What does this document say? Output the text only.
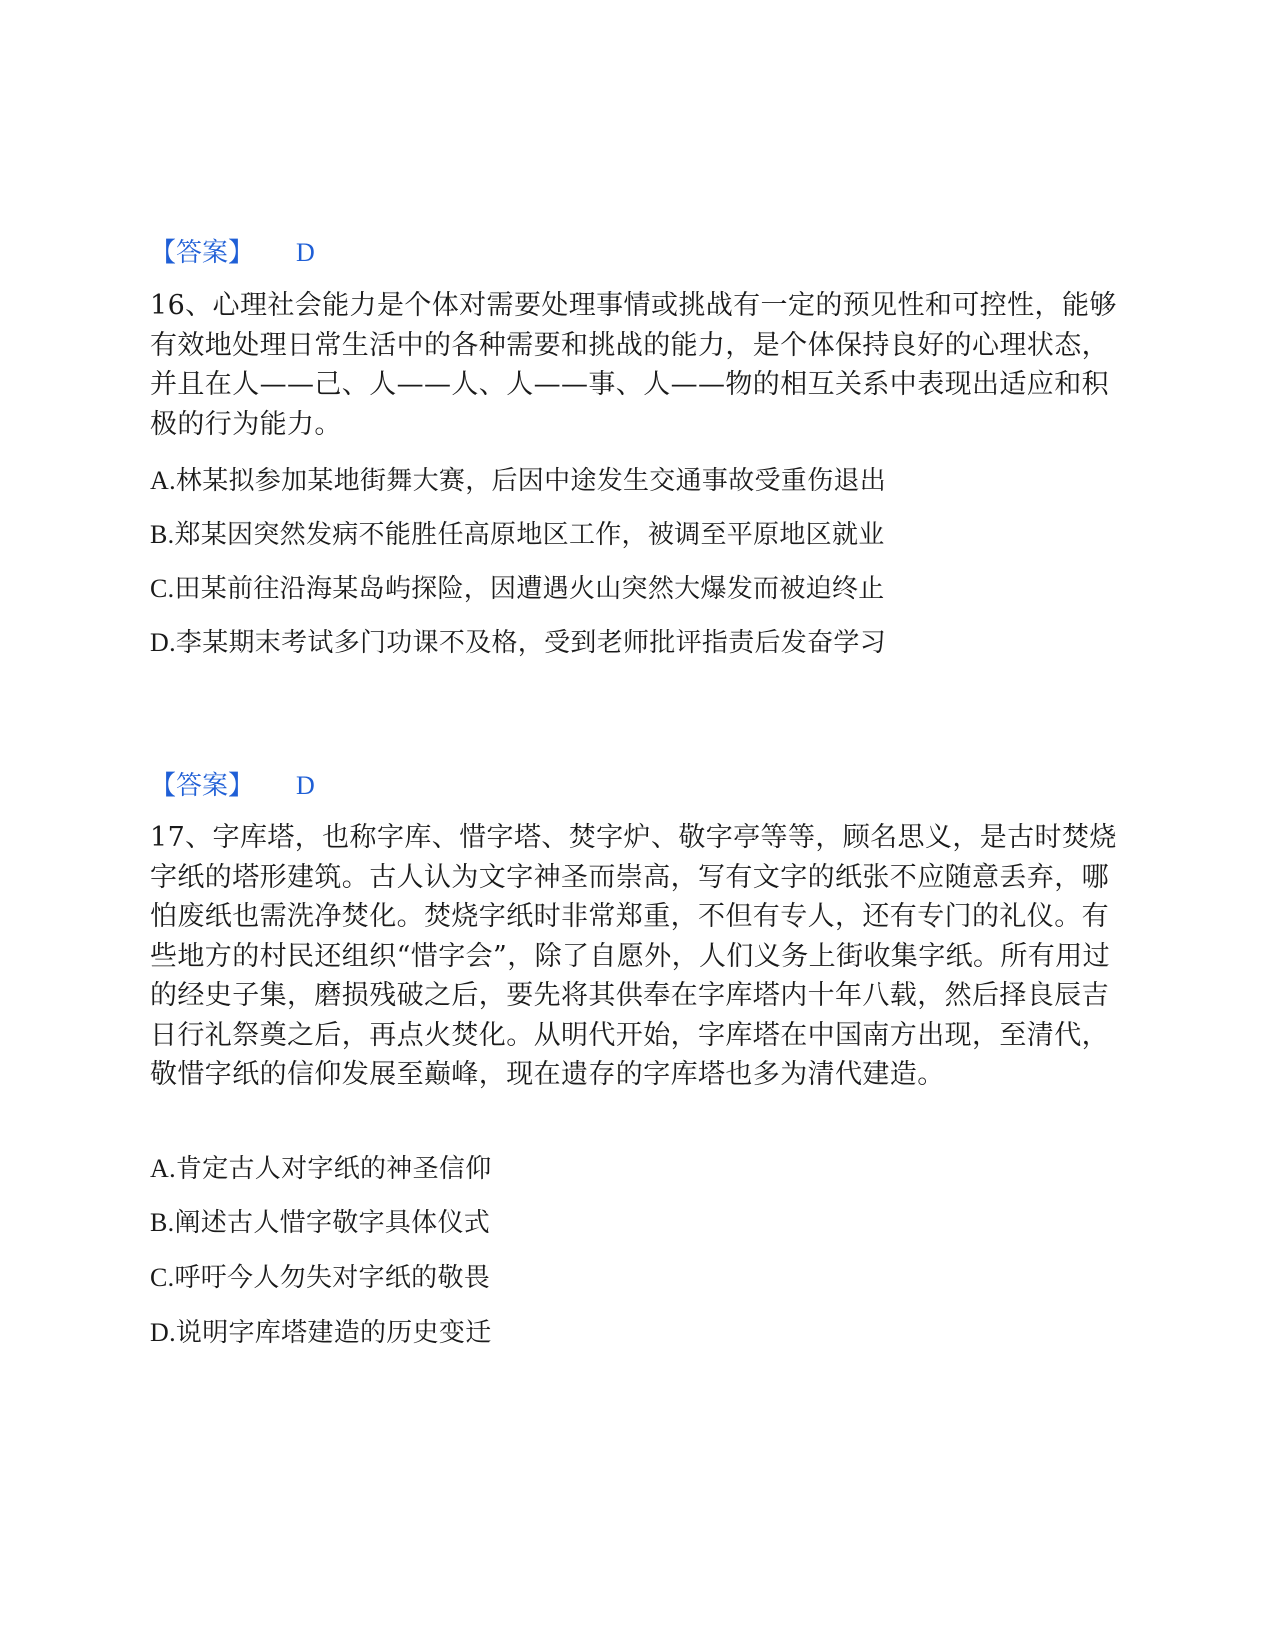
【答案】 D

16、心理社会能力是个体对需要处理事情或挑战有一定的预见性和可控性，能够有效地处理日常生活中的各种需要和挑战的能力，是个体保持良好的心理状态，并且在人——己、人——人、人——事、人——物的相互关系中表现出适应和积极的行为能力。

A.林某拟参加某地街舞大赛，后因中途发生交通事故受重伤退出
B.郑某因突然发病不能胜任高原地区工作，被调至平原地区就业
C.田某前往沿海某岛屿探险，因遭遇火山突然大爆发而被迫终止
D.李某期末考试多门功课不及格，受到老师批评指责后发奋学习
【答案】 D

17、字库塔，也称字库、惜字塔、焚字炉、敬字亭等等，顾名思义，是古时焚烧字纸的塔形建筑。古人认为文字神圣而崇高，写有文字的纸张不应随意丢弃，哪怕废纸也需洗净焚化。焚烧字纸时非常郑重，不但有专人，还有专门的礼仪。有些地方的村民还组织“惜字会”，除了自愿外，人们义务上街收集字纸。所有用过的经史子集，磨损残破之后，要先将其供奉在字库塔内十年八载，然后择良辰吉日行礼祭奠之后，再点火焚化。从明代开始，字库塔在中国南方出现，至清代，敬惜字纸的信仰发展至巅峰，现在遗存的字库塔也多为清代建造。

A.肯定古人对字纸的神圣信仰
B.阐述古人惜字敬字具体仪式
C.呼吁今人勿失对字纸的敬畏
D.说明字库塔建造的历史变迁
